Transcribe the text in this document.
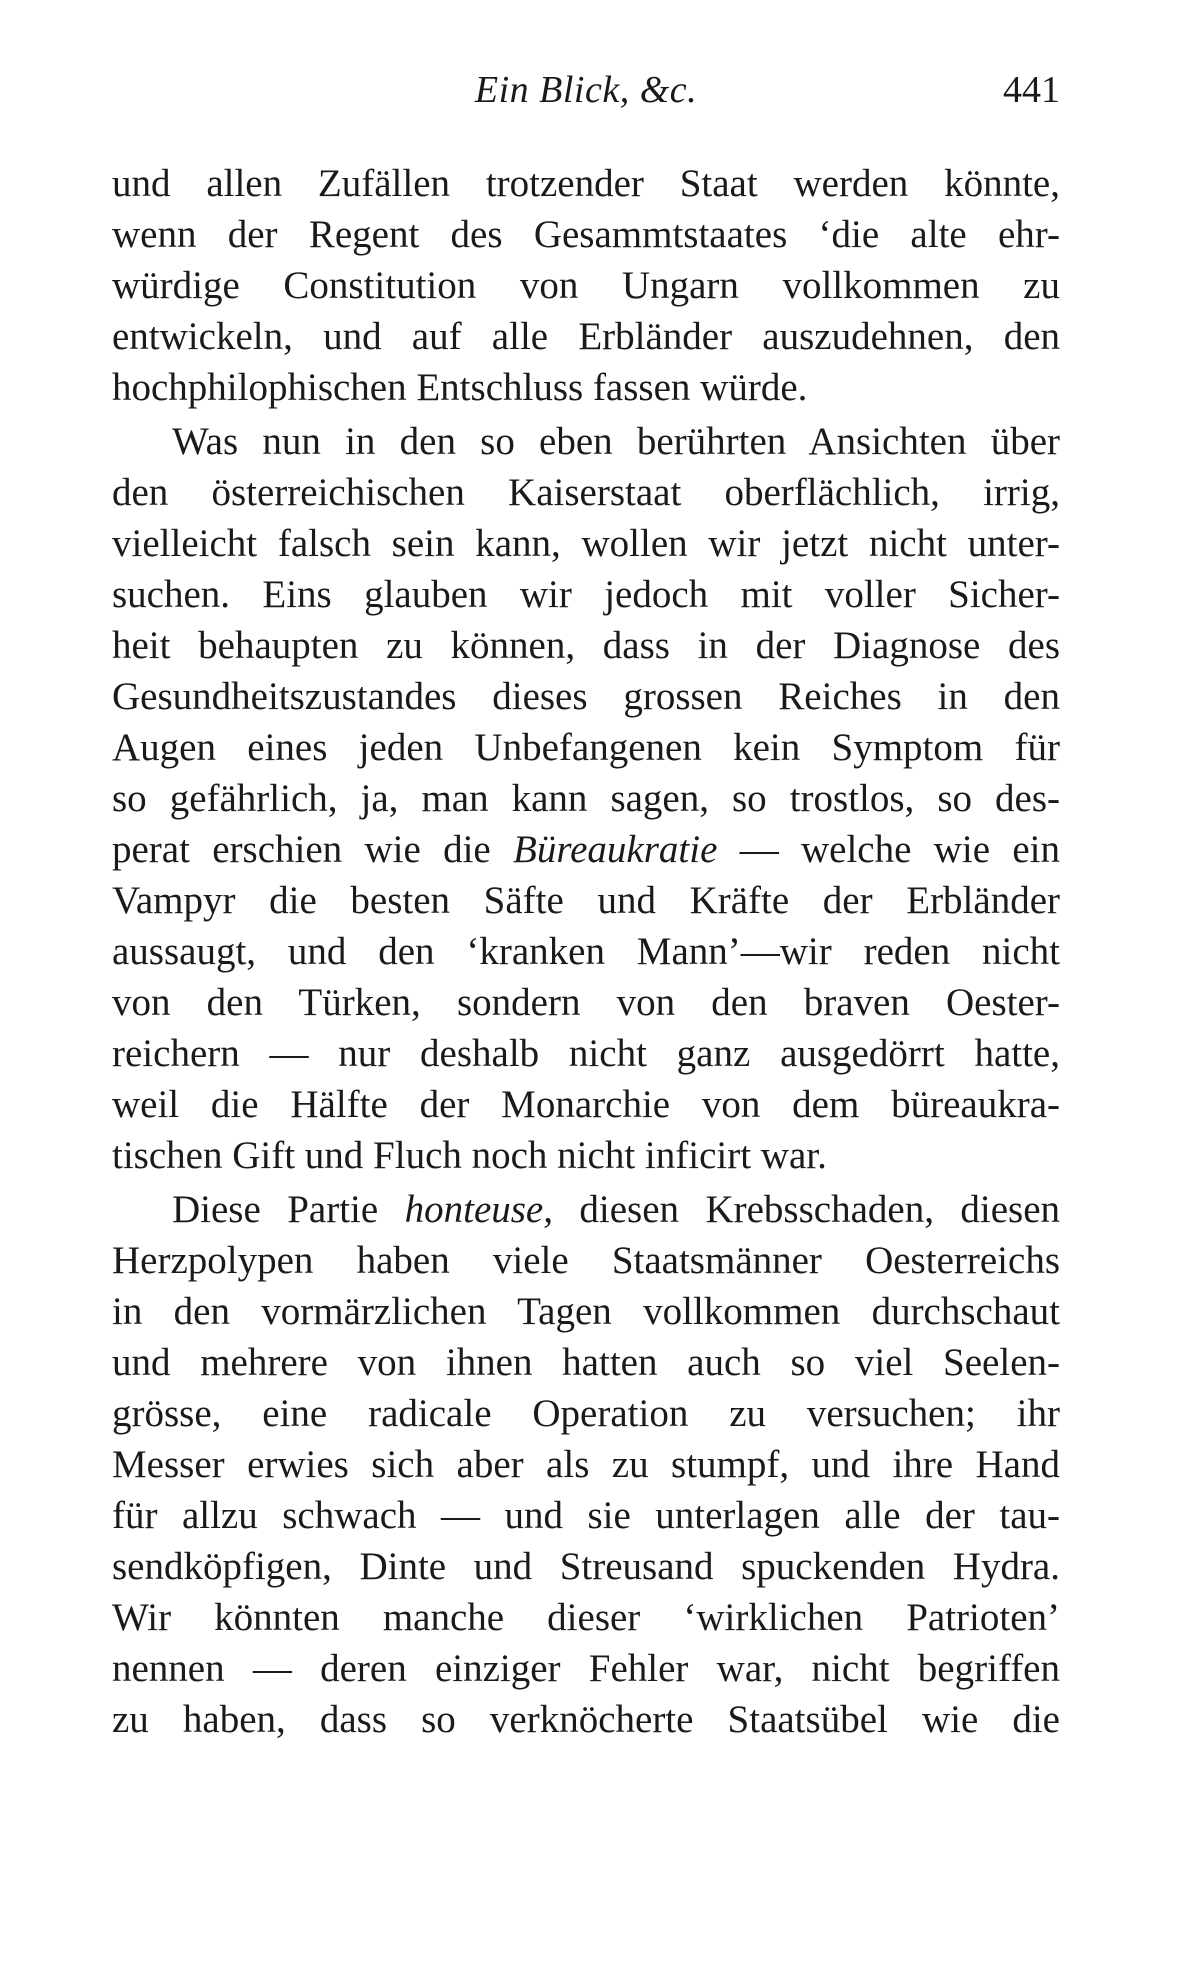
Ein Blick, &c.	441
und allen Zufällen trotzender Staat werden könnte,
wenn der Regent des Gesammtstaates ‘die alte ehr-
würdige Constitution von Ungarn vollkommen zu
entwickeln, und auf alle Erbländer auszudehnen, den
hochphilophischen Entschluss fassen würde.
Was nun in den so eben berührten Ansichten über
den österreichischen Kaiserstaat oberflächlich, irrig,
vielleicht falsch sein kann, wollen wir jetzt nicht unter-
suchen. Eins glauben wir jedoch mit voller Sicher-
heit behaupten zu können, dass in der Diagnose des
Gesundheitszustandes dieses grossen Reiches in den
Augen eines jeden Unbefangenen kein Symptom für
so gefährlich, ja, man kann sagen, so trostlos, so des-
perat erschien wie die Büreaukratie — welche wie ein
Vampyr die besten Säfte und Kräfte der Erbländer
aussaugt, und den ‘kranken Mann’—wir reden nicht
von den Türken, sondern von den braven Oester-
reichern — nur deshalb nicht ganz ausgedörrt hatte,
weil die Hälfte der Monarchie von dem büreaukra-
tischen Gift und Fluch noch nicht inficirt war.
Diese Partie honteuse, diesen Krebsschaden, diesen
Herzpolypen haben viele Staatsmänner Oesterreichs
in den vormärzlichen Tagen vollkommen durchschaut
und mehrere von ihnen hatten auch so viel Seelen-
grösse, eine radicale Operation zu versuchen; ihr
Messer erwies sich aber als zu stumpf, und ihre Hand
für allzu schwach — und sie unterlagen alle der tau-
sendköpfigen, Dinte und Streusand spuckenden Hydra.
Wir könnten manche dieser ‘wirklichen Patrioten’
nennen — deren einziger Fehler war, nicht begriffen
zu haben, dass so verknöcherte Staatsübel wie die
